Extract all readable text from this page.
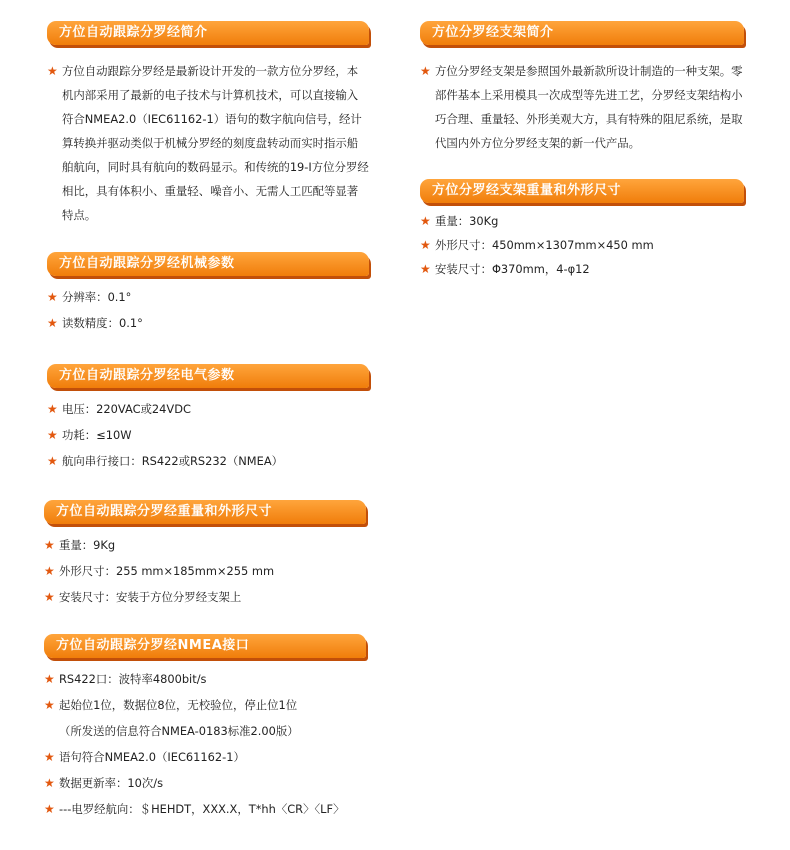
方位自动跟踪分罗经简介
★ 方位自动跟踪分罗经是最新设计开发的一款方位分罗经，本机内部采用了最新的电子技术与计算机技术，可以直接输入符合NMEA2.0（IEC61162-1）语句的数字航向信号，经计算转换并驱动类似于机械分罗经的刻度盘转动而实时指示船舶航向，同时具有航向的数码显示。和传统的19-Ⅰ方位分罗经相比，具有体积小、重量轻、噪音小、无需人工匹配等显著特点。
方位自动跟踪分罗经机械参数
★ 分辨率：0.1°
★ 读数精度：0.1°
方位自动跟踪分罗经电气参数
★ 电压：220VAC或24VDC
★ 功耗：≤10W
★ 航向串行接口：RS422或RS232（NMEA）
方位自动跟踪分罗经重量和外形尺寸
★ 重量：9Kg
★ 外形尺寸：255 mm×185mm×255 mm
★ 安装尺寸：安装于方位分罗经支架上
方位自动跟踪分罗经NMEA接口
★ RS422口：波特率4800bit/s
★ 起始位1位，数据位8位，无校验位，停止位1位
（所发送的信息符合NMEA-0183标准2.00版）
★ 语句符合NMEA2.0（IEC61162-1）
★ 数据更新率：10次/s
★ ---电罗经航向：＄HEHDT，XXX.X，T*hh〈CR〉〈LF〉
方位分罗经支架简介
★ 方位分罗经支架是参照国外最新款所设计制造的一种支架。零部件基本上采用模具一次成型等先进工艺，分罗经支架结构小巧合理、重量轻、外形美观大方，具有特殊的阻尼系统，是取代国内外方位分罗经支架的新一代产品。
方位分罗经支架重量和外形尺寸
★ 重量：30Kg
★ 外形尺寸：450mm×1307mm×450 mm
★ 安装尺寸：Φ370mm，4-φ12
